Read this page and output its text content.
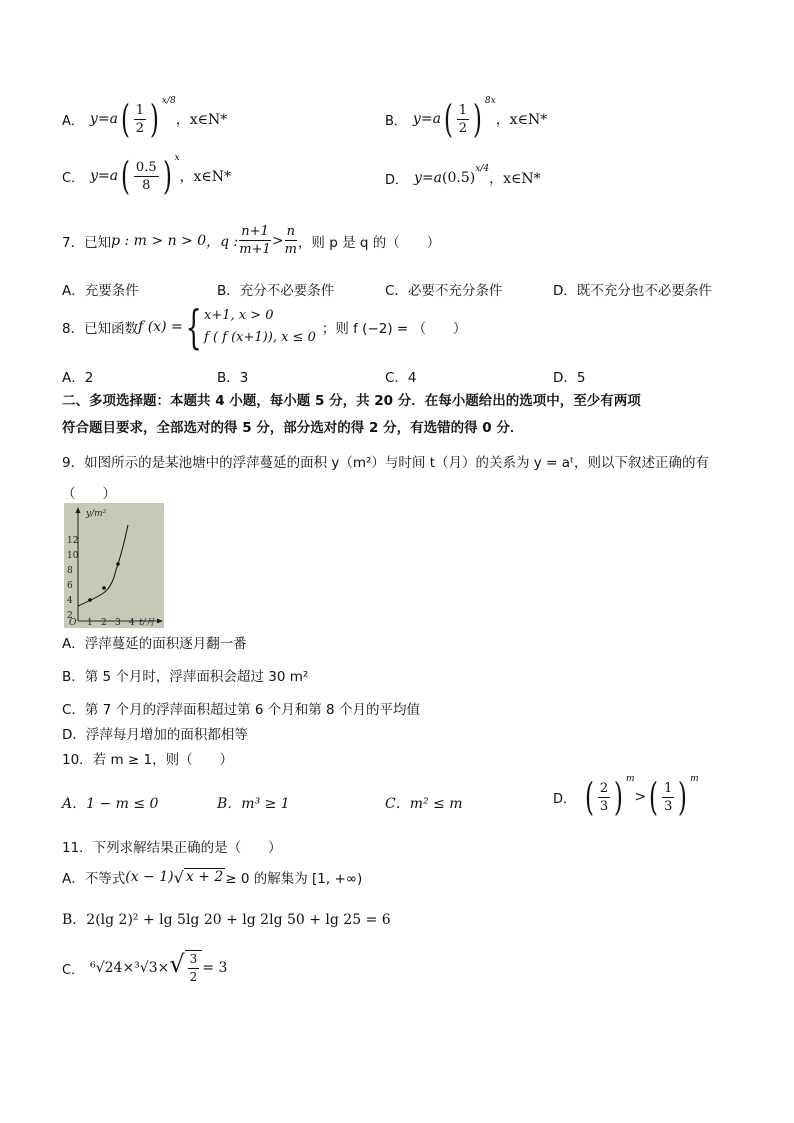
A． y = a ( $\frac{1}{2}$ ) x/8
，x∈N*	B． y = a ( $\frac{1}{2}$ ) 8x
，x∈N*
C． y = a ( $\frac{0.5}{8}$ ) x
，x∈N*	D． y = a (0.5)
x/4
，x∈N*
7．已知 p : m > n > 0 ，q : $\frac{n+1}{m+1} > \frac{n}{m}$ ，则 p 是 q 的（　　）
A．充要条件	B．充分不必要条件	C．必要不充分条件	D．既不充分也不必要条件
8．已知函数 f (x) = { x+1, x > 0
f ( f (x+1)), x ≤ 0
；则 f (−2) = （　　）
A．2	B．3	C．4	D．5
二、多项选择题：本题共 4 小题，每小题 5 分，共 20 分．在每小题给出的选项中，至少有两项
符合题目要求，全部选对的得 5 分，部分选对的得 2 分，有选错的得 0 分．
9．如图所示的是某池塘中的浮萍蔓延的面积 y（m²）与时间 t（月）的关系为 y = aᵗ，则以下叙述正确的有
（　　）
y/m²
t/月
O
2
4
6
8
10
12
1 2 3 4
A．浮萍蔓延的面积逐月翻一番
B．第 5 个月时，浮萍面积会超过 30 m²
C．第 7 个月的浮萍面积超过第 6 个月和第 8 个月的平均值
D．浮萍每月增加的面积都相等
10．若 m ≥ 1，则（　　）
A．1 − m ≤ 0	B．m³ ≥ 1	C．m² ≤ m	D． ( $\frac{2}{3}$ ) m
> ( $\frac{1}{3}$ ) m
11．下列求解结果正确的是（　　）
A．不等式 (x − 1) √ x + 2 ≥ 0 的解集为 [1, +∞)
B．2(lg 2)² + lg 5lg 20 + lg 2lg 50 + lg 25 = 6
C． ⁶√24 × ³√3 × √ $\frac{3}{2} = 3$
